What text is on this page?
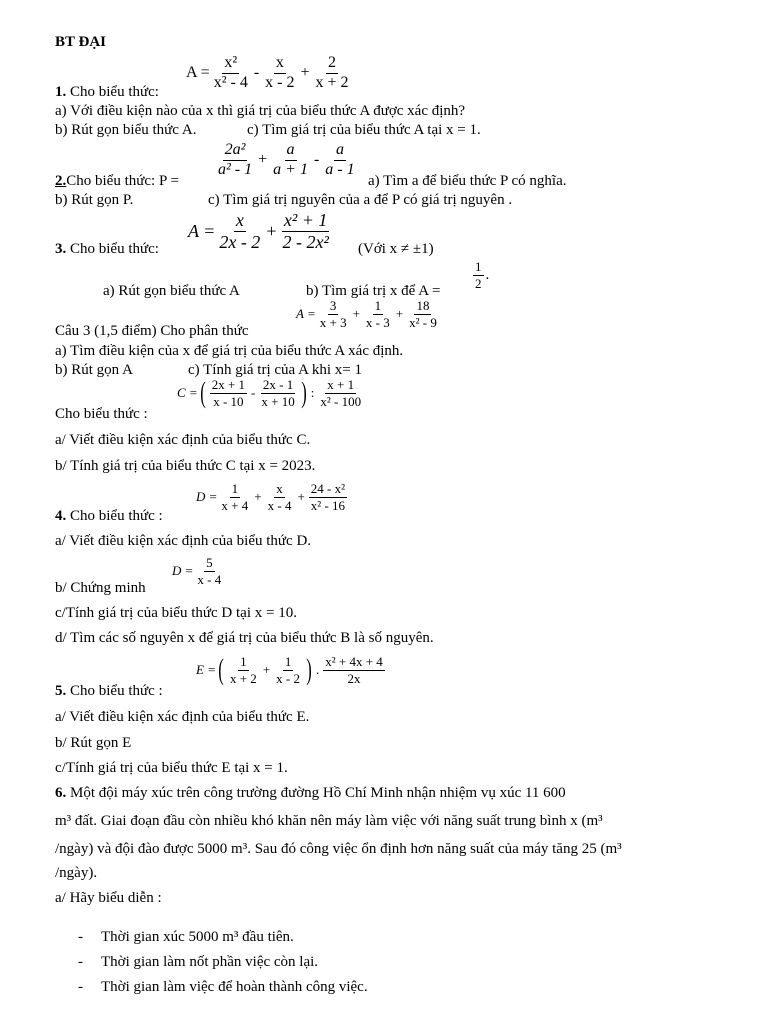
BT ĐẠI
1. Cho biểu thức:
$A = \frac{\text{x²}}{\text{x² - 4}} - \frac{x}{x - 2} + \frac{2}{x + 2}$
a) Với điều kiện nào của x thì giá trị của biểu thức A được xác định?
b) Rút gọn biểu thức A.	c) Tìm giá trị của biểu thức A tại x = 1.
2.Cho biểu thức: P =
$\frac{\text{2a²}}{\text{a² - 1}} + \frac{a}{a + 1} - \frac{a}{a - 1}$
a) Tìm a để biểu thức P có nghĩa.
b) Rút gọn P.	c) Tìm giá trị nguyên của a để P có giá trị nguyên .
3. Cho biểu thức:
$A = \frac{x}{2x - 2} + \frac{\text{x² + 1}}{\text{2 - 2x²}}$ (Với x ≠ ±1)
a) Rút gọn biểu thức A	b) Tìm giá trị x để A =
$\frac{1}{2}$ .
Câu 3 (1,5 điểm) Cho phân thức
$A = \frac{3}{x + 3} + \frac{1}{x - 3} + \frac{18}{\text{x² - 9}}$
a) Tìm điều kiện của x để giá trị của biểu thức A xác định.
b) Rút gọn A	c) Tính giá trị của A khi x= 1
Cho biểu thức :
C = ( $\frac{2x + 1}{x - 10} - \frac{2x - 1}{x + 10}$ ) : $\frac{x + 1}{\text{x² - 100}}$
a/ Viết điều kiện xác định của biểu thức C.
b/ Tính giá trị của biểu thức C tại x = 2023.
4. Cho biểu thức :
$D = \frac{1}{x + 4} + \frac{x}{x - 4} + \frac{\text{24 - x²}}{\text{x² - 16}}$
a/ Viết điều kiện xác định của biểu thức D.
b/ Chứng minh
$D = \frac{5}{x - 4}$
c/Tính giá trị của biểu thức D tại x = 10.
d/ Tìm các số nguyên x để giá trị của biểu thức B là số nguyên.
5. Cho biểu thức :
E = ( $\frac{1}{x + 2} + \frac{1}{x - 2}$ ) . $\frac{\text{x² + 4x + 4}}{2x}$
a/ Viết điều kiện xác định của biểu thức E.
b/ Rút gọn E
c/Tính giá trị của biểu thức E tại x = 1.
6. Một đội máy xúc trên công trường đường Hồ Chí Minh nhận nhiệm vụ xúc 11 600
m³ đất. Giai đoạn đầu còn nhiều khó khăn nên máy làm việc với năng suất trung bình x (m³
/ngày) và đội đào được 5000 m³. Sau đó công việc ổn định hơn năng suất của máy tăng 25 (m³
/ngày).
a/ Hãy biểu diễn :
- Thời gian xúc 5000 m³ đầu tiên.
- Thời gian làm nốt phần việc còn lại.
- Thời gian làm việc để hoàn thành công việc.
